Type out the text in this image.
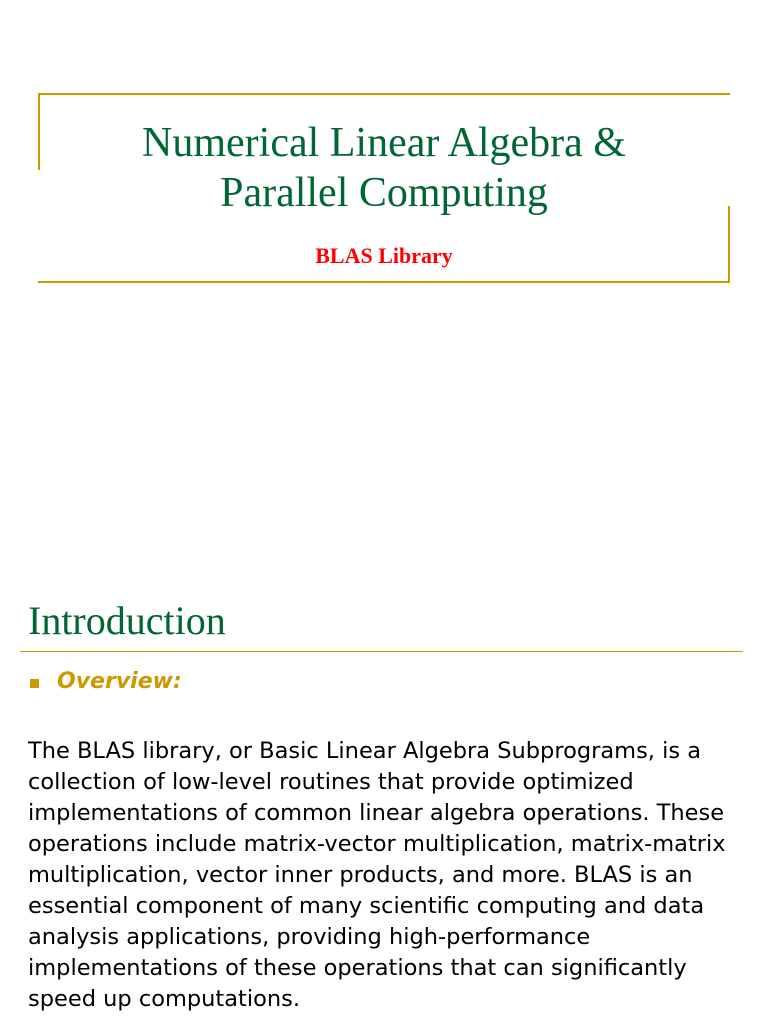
Numerical Linear Algebra &
Parallel Computing
BLAS Library
Introduction
Overview:
The BLAS library, or Basic Linear Algebra Subprograms, is a collection of low-level routines that provide optimized implementations of common linear algebra operations. These operations include matrix-vector multiplication, matrix-matrix multiplication, vector inner products, and more. BLAS is an essential component of many scientific computing and data analysis applications, providing high-performance implementations of these operations that can significantly speed up computations.
